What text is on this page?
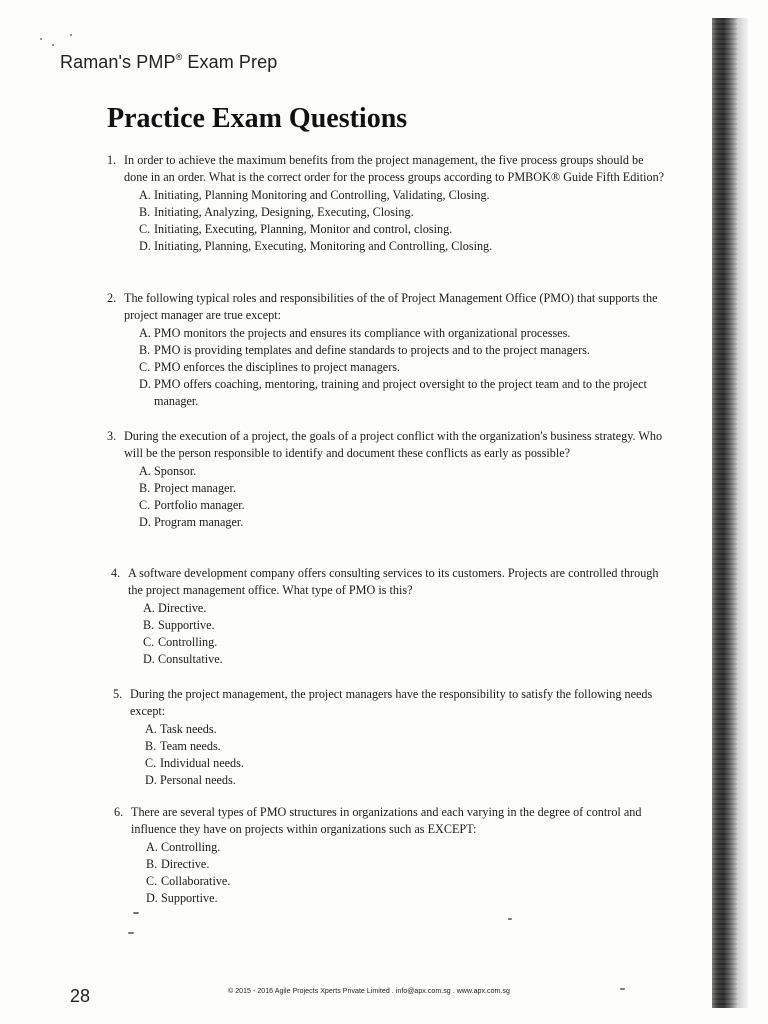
Raman's PMP® Exam Prep
Practice Exam Questions
1. In order to achieve the maximum benefits from the project management, the five process groups should be done in an order. What is the correct order for the process groups according to PMBOK® Guide Fifth Edition?
A. Initiating, Planning Monitoring and Controlling, Validating, Closing.
B. Initiating, Analyzing, Designing, Executing, Closing.
C. Initiating, Executing, Planning, Monitor and control, closing.
D. Initiating, Planning, Executing, Monitoring and Controlling, Closing.
2. The following typical roles and responsibilities of the of Project Management Office (PMO) that supports the project manager are true except:
A. PMO monitors the projects and ensures its compliance with organizational processes.
B. PMO is providing templates and define standards to projects and to the project managers.
C. PMO enforces the disciplines to project managers.
D. PMO offers coaching, mentoring, training and project oversight to the project team and to the project manager.
3. During the execution of a project, the goals of a project conflict with the organization's business strategy. Who will be the person responsible to identify and document these conflicts as early as possible?
A. Sponsor.
B. Project manager.
C. Portfolio manager.
D. Program manager.
4. A software development company offers consulting services to its customers. Projects are controlled through the project management office. What type of PMO is this?
A. Directive.
B. Supportive.
C. Controlling.
D. Consultative.
5. During the project management, the project managers have the responsibility to satisfy the following needs except:
A. Task needs.
B. Team needs.
C. Individual needs.
D. Personal needs.
6. There are several types of PMO structures in organizations and each varying in the degree of control and influence they have on projects within organizations such as EXCEPT:
A. Controlling.
B. Directive.
C. Collaborative.
D. Supportive.
28	© 2015 - 2016 Agile Projects Xperts Private Limited . info@apx.com.sg . www.apx.com.sg
